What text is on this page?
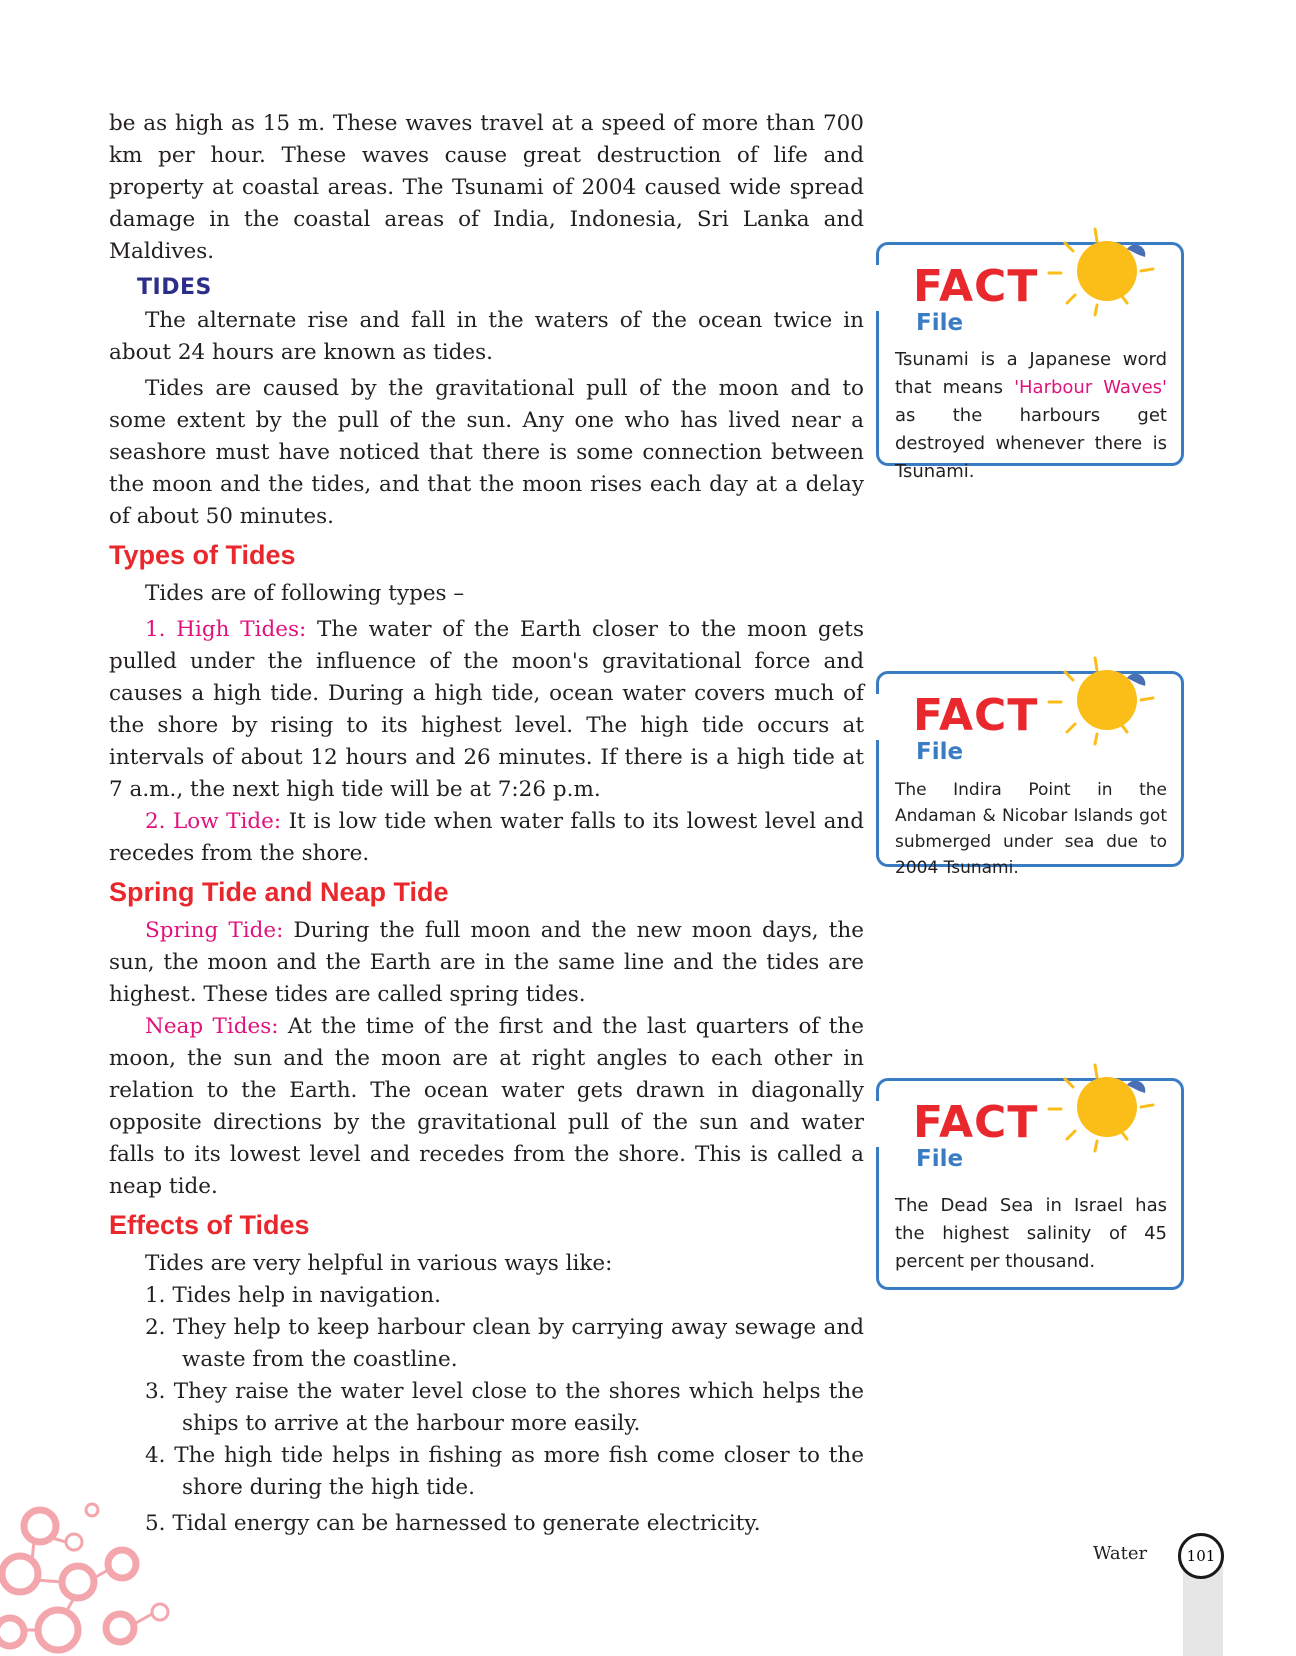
be as high as 15 m. These waves travel at a speed of more than 700 km per hour. These waves cause great destruction of life and property at coastal areas. The Tsunami of 2004 caused wide spread damage in the coastal areas of India, Indonesia, Sri Lanka and Maldives.

TIDES

The alternate rise and fall in the waters of the ocean twice in about 24 hours are known as tides.

Tides are caused by the gravitational pull of the moon and to some extent by the pull of the sun. Any one who has lived near a seashore must have noticed that there is some connection between the moon and the tides, and that the moon rises each day at a delay of about 50 minutes.

Types of Tides

Tides are of following types –

1. High Tides: The water of the Earth closer to the moon gets pulled under the influence of the moon's gravitational force and causes a high tide. During a high tide, ocean water covers much of the shore by rising to its highest level. The high tide occurs at intervals of about 12 hours and 26 minutes. If there is a high tide at 7 a.m., the next high tide will be at 7:26 p.m.

2. Low Tide: It is low tide when water falls to its lowest level and recedes from the shore.

Spring Tide and Neap Tide

Spring Tide: During the full moon and the new moon days, the sun, the moon and the Earth are in the same line and the tides are highest. These tides are called spring tides.

Neap Tides: At the time of the first and the last quarters of the moon, the sun and the moon are at right angles to each other in relation to the Earth. The ocean water gets drawn in diagonally opposite directions by the gravitational pull of the sun and water falls to its lowest level and recedes from the shore. This is called a neap tide.

Effects of Tides

Tides are very helpful in various ways like:

1. Tides help in navigation.
2. They help to keep harbour clean by carrying away sewage and waste from the coastline.
3. They raise the water level close to the shores which helps the ships to arrive at the harbour more easily.
4. The high tide helps in fishing as more fish come closer to the shore during the high tide.
5. Tidal energy can be harnessed to generate electricity.
FACT
File
Tsunami is a Japanese word that means 'Harbour Waves' as the harbours get destroyed whenever there is Tsunami.
FACT
File
The Indira Point in the Andaman & Nicobar Islands got submerged under sea due to 2004 Tsunami.
FACT
File
The Dead Sea in Israel has the highest salinity of 45 percent per thousand.
Water	101
